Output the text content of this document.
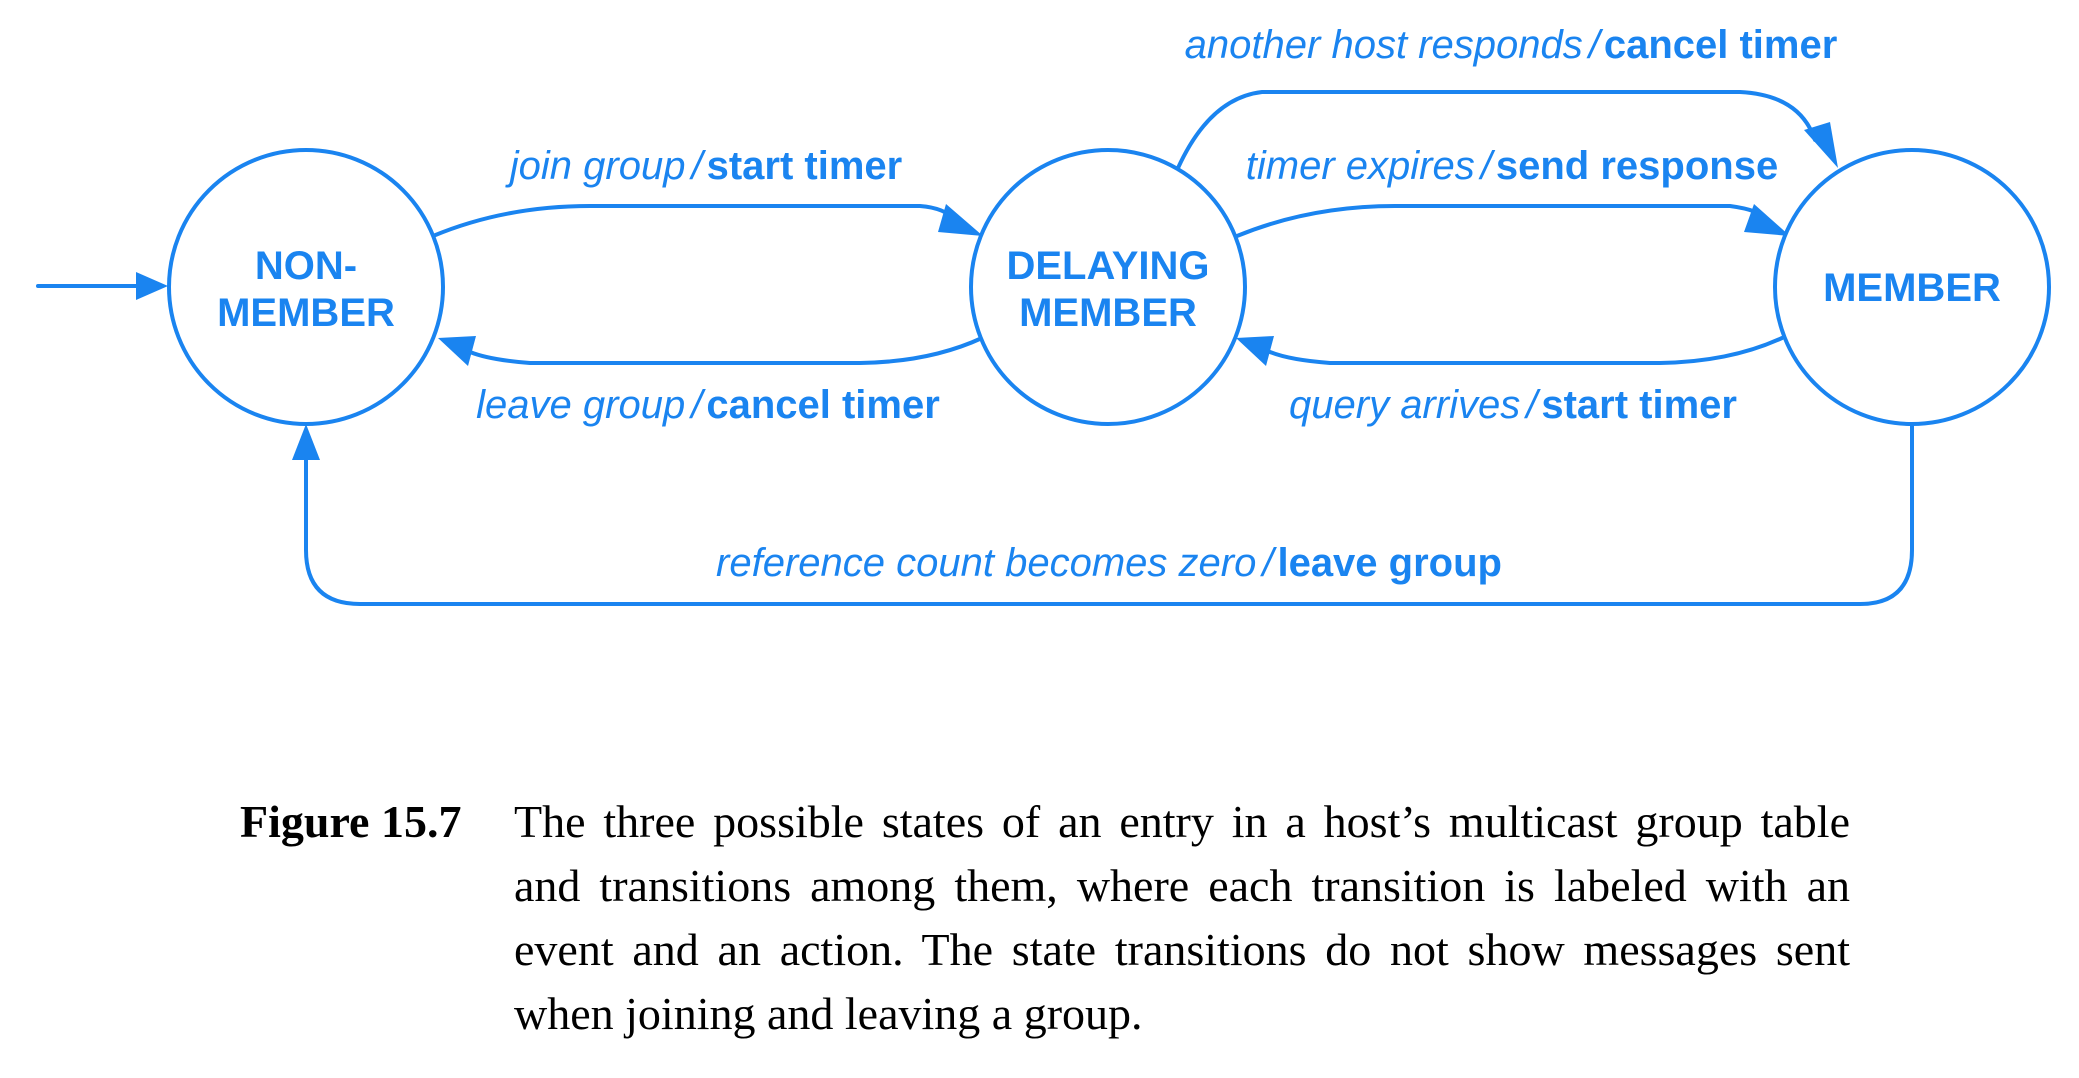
NON-
MEMBER
DELAYING
MEMBER
MEMBER
join group / start timer
leave group / cancel timer
another host responds / cancel timer
timer expires / send response
query arrives / start timer
reference count becomes zero / leave group
Figure 15.7	The three possible states of an entry in a host’s multicast group table and transitions among them, where each transition is labeled with an event and an action. The state transitions do not show messages sent when joining and leaving a group.
